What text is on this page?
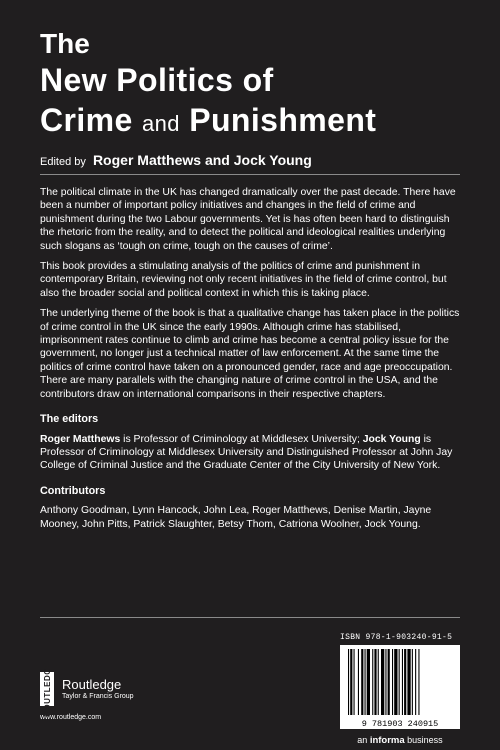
The
New Politics of
Crime and Punishment
Edited by Roger Matthews and Jock Young

The political climate in the UK has changed dramatically over the past decade. There have been a number of important policy initiatives and changes in the field of crime and punishment during the two Labour governments. Yet is has often been hard to distinguish the rhetoric from the reality, and to detect the political and ideological realities underlying such slogans as ‘tough on crime, tough on the causes of crime’.

This book provides a stimulating analysis of the politics of crime and punishment in contemporary Britain, reviewing not only recent initiatives in the field of crime control, but also the broader social and political context in which this is taking place.

The underlying theme of the book is that a qualitative change has taken place in the politics of crime control in the UK since the early 1990s. Although crime has stabilised, imprisonment rates continue to climb and crime has become a central policy issue for the government, no longer just a technical matter of law enforcement. At the same time the politics of crime control have taken on a pronounced gender, race and age preoccupation. There are many parallels with the changing nature of crime control in the USA, and the contributors draw on international comparisons in their respective chapters.

The editors

Roger Matthews is Professor of Criminology at Middlesex University; Jock Young is Professor of Criminology at Middlesex University and Distinguished Professor at John Jay College of Criminal Justice and the Graduate Center of the City University of New York.

Contributors

Anthony Goodman, Lynn Hancock, John Lea, Roger Matthews, Denise Martin, Jayne Mooney, John Pitts, Patrick Slaughter, Betsy Thom, Catriona Woolner, Jock Young.

ROUTLEDGE Routledge
Taylor & Francis Group
www.routledge.com
ISBN 978-1-903240-91-5
9 781903 240915
an informa business
